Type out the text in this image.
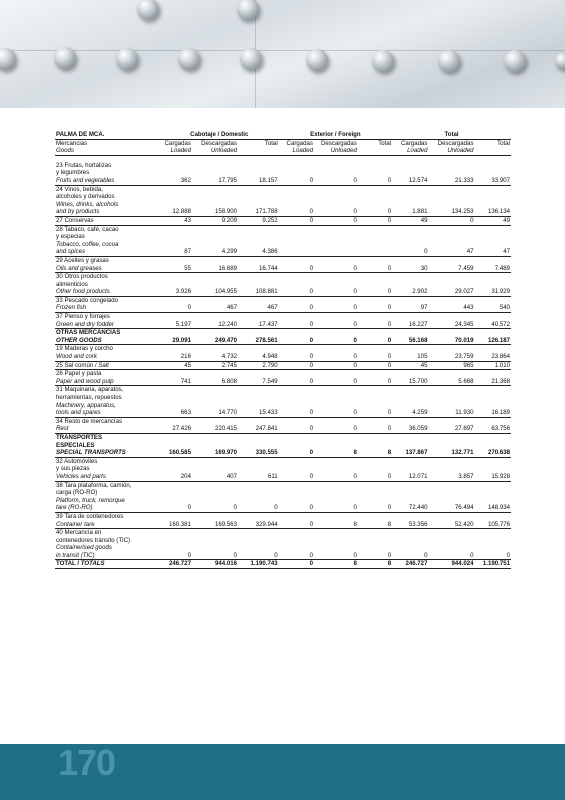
PALMA DE MCA.	Cabotaje / Domestic			Exterior / Foreign			Total		
Mercancias	Cargadas	Descargadas	Total	Cargadas	Descargadas	Total	Cargadas	Descargadas	Total
Goods	Loaded	Unloaded		Loaded	Unloaded		Loaded	Unloaded	

23 Frutas, hortalizas									
y legumbres									
Fruits and vegetables	362	17.795	18.157	0	0	0	12.574	21.333	33.907
24 Vinos, bebida,									
alcoholes y derivados									
Wines, drinks, alcohols									
and by products	12.888	158.900	171.788	0	0	0	1.881	134.253	136.134
27 Conservas	43	9.209	9.252	0	0	0	49	0	49
28 Tabaco, café, cacao									
y especias									
Tobacco, coffee, cocoa									
and spices	87	4.299	4.386				0	47	47
29 Aceites y grasas									
Oils and greases	55	16.689	16.744	0	0	0	30	7.459	7.489
30 Otros productos									
alimenticios									
Other food products	3.926	104.955	108.881	0	0	0	2.902	29.027	31.929
33 Pescado congelado									
Frozen fish	0	467	467	0	0	0	97	443	540
37 Pienso y forrajes									
Green and dry fodder	5.197	12.240	17.437	0	0	0	16.227	24.345	40.572
OTRAS MERCANCIAS									
OTHER GOODS	29.091	249.470	278.561	0	0	0	56.168	70.019	126.187
19 Maderas y corcho									
Wood and cork	216	4.732	4.948	0	0	0	105	23.759	23.864
25 Sal común / Salt	45	2.745	2.790	0	0	0	45	965	1.010
26 Papel y pasta									
Paper and wood pulp	741	6.808	7.549	0	0	0	15.700	5.668	21.368
31 Maquinaria, aparatos,									
herramientas, repuestos									
Machinery, apparatus,									
tools and spares	663	14.770	15.433	0	0	0	4.259	11.930	16.189
34 Resto de mercancías									
Rest	27.426	220.415	247.841	0	0	0	36.059	27.697	63.756
TRANSPORTES									
ESPECIALES									
SPECIAL TRANSPORTS	160.585	169.970	330.555	0	8	8	137.867	132.771	270.638
32 Automóviles									
y sus piezas									
Vehicles and parts	204	407	611	0	0	0	12.071	3.857	15.928
38 Tara plataforma, camión,									
carga (RO-RO)									
Platform, truck, remorque									
tare (RO-RO)	0	0	0	0	0	0	72.440	76.494	148.934
39 Tara de contenedores									
Container tare	160.381	169.563	329.944	0	8	8	53.356	52.420	105.776
40 Mercancía en									
contenedores tránsito (TIC)									
Containerised goods									
in transit (TIC)	0	0	0	0	0	0	0	0	0
TOTAL / TOTALS	246.727	944.016	1.190.743	0	8	8	246.727	944.024	1.190.751
170
